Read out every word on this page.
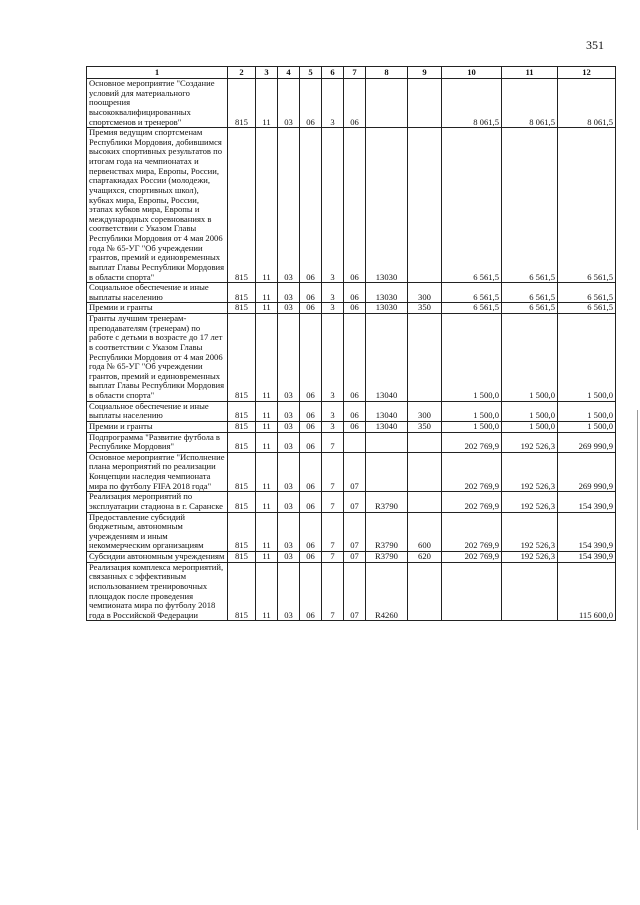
351
1	2	3	4	5	6	7	8	9	10	11	12

Основное мероприятие "Создание условий для материального поощрения высококвалифицированных спортсменов и тренеров"	815	11	03	06	3	06			8 061,5	8 061,5	8 061,5

Премия ведущим спортсменам Республики Мордовия, добившимся высоких спортивных результатов по итогам года на чемпионатах и первенствах мира, Европы, России, спартакиадах России (молодежи, учащихся, спортивных школ), кубках мира, Европы, России, этапах кубков мира, Европы и международных соревнованиях в соответствии с Указом Главы Республики Мордовия от 4 мая 2006 года № 65-УГ "Об учреждении грантов, премий и единовременных выплат Главы Республики Мордовия в области спорта"	815	11	03	06	3	06	13030		6 561,5	6 561,5	6 561,5

Социальное обеспечение и иные выплаты населению	815	11	03	06	3	06	13030	300	6 561,5	6 561,5	6 561,5

Премии и гранты	815	11	03	06	3	06	13030	350	6 561,5	6 561,5	6 561,5

Гранты лучшим тренерам-преподавателям (тренерам) по работе с детьми в возрасте до 17 лет в соответствии с Указом Главы Республики Мордовия от 4 мая 2006 года № 65-УГ "Об учреждении грантов, премий и единовременных выплат Главы Республики Мордовия в области спорта"	815	11	03	06	3	06	13040		1 500,0	1 500,0	1 500,0

Социальное обеспечение и иные выплаты населению	815	11	03	06	3	06	13040	300	1 500,0	1 500,0	1 500,0

Премии и гранты	815	11	03	06	3	06	13040	350	1 500,0	1 500,0	1 500,0

Подпрограмма "Развитие футбола в Республике Мордовия"	815	11	03	06	7				202 769,9	192 526,3	269 990,9

Основное мероприятие "Исполнение плана мероприятий по реализации Концепции наследия чемпионата мира по футболу FIFA 2018 года"	815	11	03	06	7	07			202 769,9	192 526,3	269 990,9

Реализация мероприятий по эксплуатации стадиона в г. Саранске	815	11	03	06	7	07	R3790		202 769,9	192 526,3	154 390,9

Предоставление субсидий бюджетным, автономным учреждениям и иным некоммерческим организациям	815	11	03	06	7	07	R3790	600	202 769,9	192 526,3	154 390,9

Субсидии автономным учреждениям	815	11	03	06	7	07	R3790	620	202 769,9	192 526,3	154 390,9

Реализация комплекса мероприятий, связанных с эффективным использованием тренировочных площадок после проведения чемпионата мира по футболу 2018 года в Российской Федерации	815	11	03	06	7	07	R4260				115 600,0
